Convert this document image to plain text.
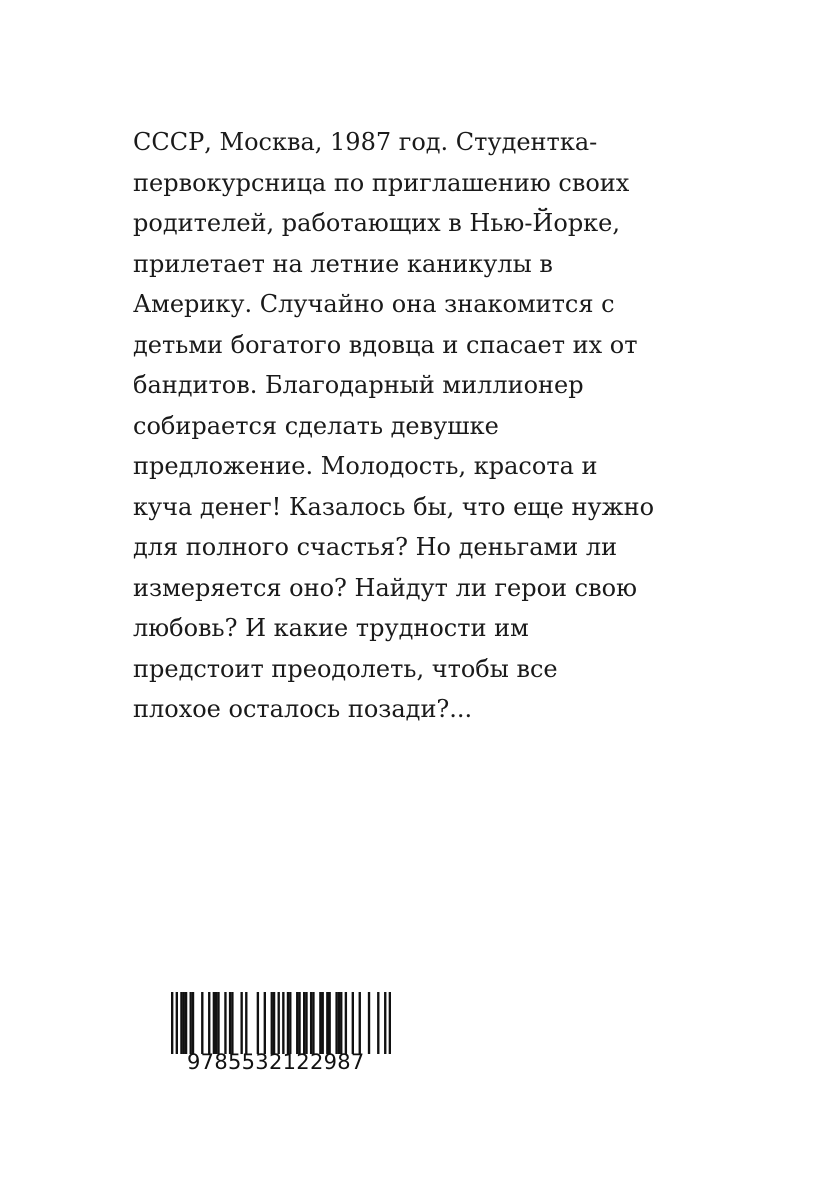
СССР, Москва, 1987 год. Студентка-
первокурсница по приглашению своих
родителей, работающих в Нью-Йорке,
прилетает на летние каникулы в
Америку. Случайно она знакомится с
детьми богатого вдовца и спасает их от
бандитов. Благодарный миллионер
собирается сделать девушке
предложение. Молодость, красота и
куча денег! Казалось бы, что еще нужно
для полного счастья? Но деньгами ли
измеряется оно? Найдут ли герои свою
любовь? И какие трудности им
предстоит преодолеть, чтобы все
плохое осталось позади?...

9785532122987
